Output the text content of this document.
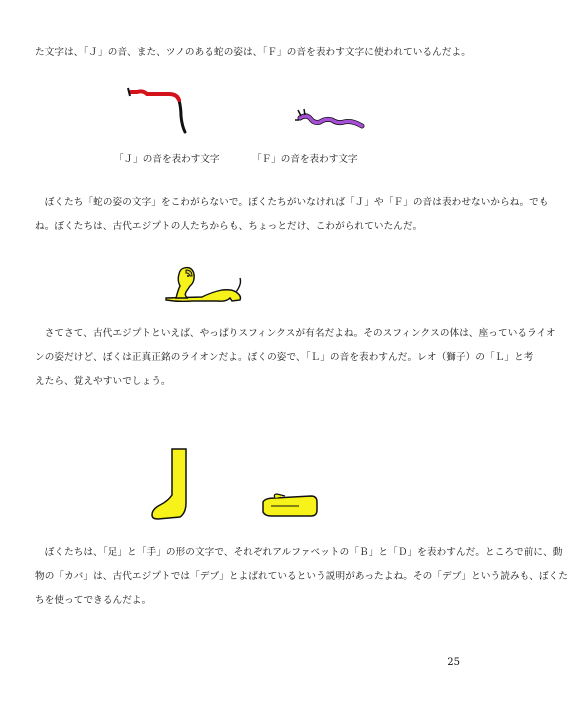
た文字は、「Ｊ」の音、また、ツノのある蛇の姿は、「Ｆ」の音を表わす文字に使われているんだよ。

「Ｊ」の音を表わす文字	「Ｆ」の音を表わす文字

　ぼくたち「蛇の姿の文字」をこわがらないで。ぼくたちがいなければ「Ｊ」や「Ｆ」の音は表わせないからね。でも
ね。ぼくたちは、古代エジプトの人たちからも、ちょっとだけ、こわがられていたんだ。

　さてさて、古代エジプトといえば、やっぱりスフィンクスが有名だよね。そのスフィンクスの体は、座っているライオ
ンの姿だけど、ぼくは正真正銘のライオンだよ。ぼくの姿で、「Ｌ」の音を表わすんだ。レオ（獅子）の「Ｌ」と考
えたら、覚えやすいでしょう。

　ぼくたちは、「足」と「手」の形の文字で、それぞれアルファベットの「Ｂ」と「Ｄ」を表わすんだ。ところで前に、動
物の「カバ」は、古代エジプトでは「デブ」とよばれているという説明があったよね。その「デブ」という読みも、ぼくた
ちを使ってできるんだよ。

25
